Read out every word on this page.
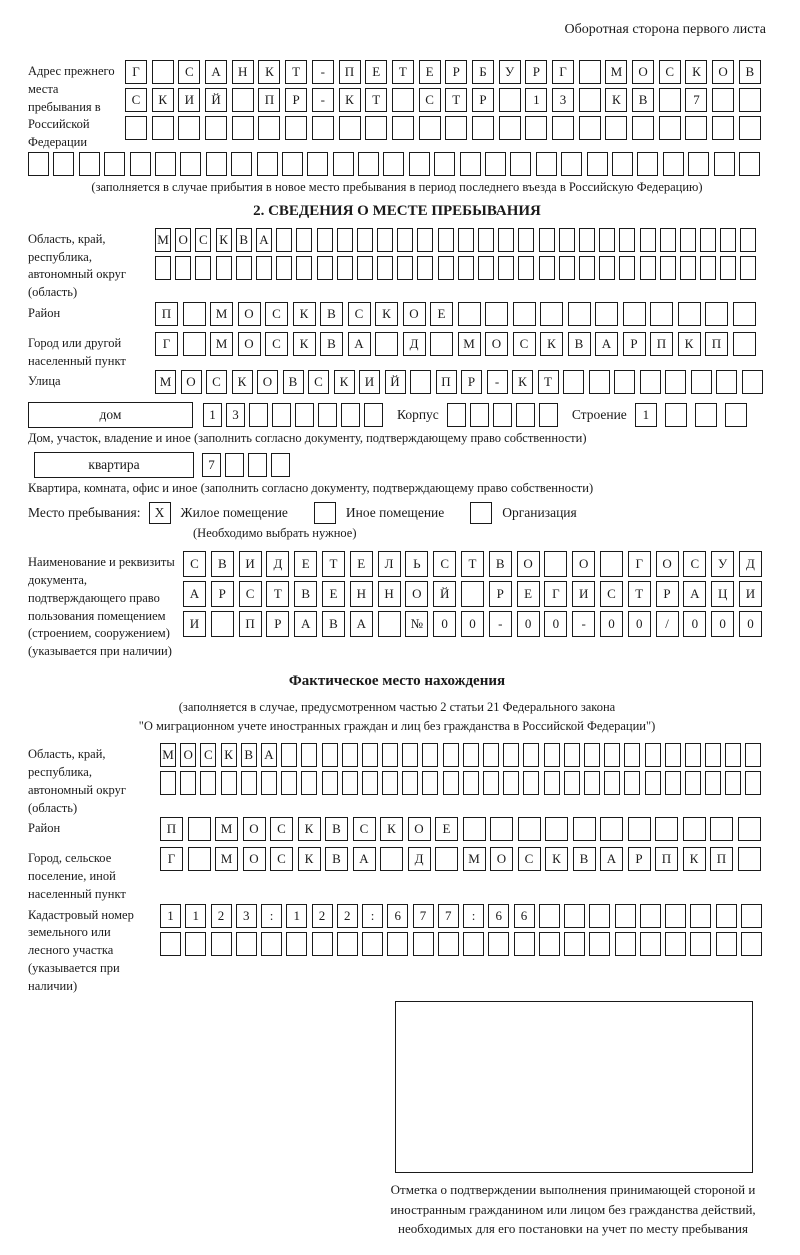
Оборотная сторона первого листа
Адрес прежнего места пребывания в Российской Федерации
Г	С	А	Н	К	Т	-	П	Е	Т	Е	Р	Б	У	Р	Г	М	О	С	К	О	В
С	К	И	Й	П	Р	-	К	Т	С	Т	Р	1	3	К	В	7
(заполняется в случае прибытия в новое место пребывания в период последнего въезда в Российскую Федерацию)
2. СВЕДЕНИЯ О МЕСТЕ ПРЕБЫВАНИЯ
Область, край, республика, автономный округ (область)
М О С К В А
Район	П	М	О	С	К	В	С	К	О	Е
Город или другой населенный пункт
Г	М	О	С	К	В	А	Д	М	О	С	К	В	А	Р	П	К	П
Улица	М	О	С	К	О	В	С	К	И	Й	П	Р	-	К	Т
дом	1	3	Корпус	Строение	1
Дом, участок, владение и иное (заполнить согласно документу, подтверждающему право собственности)
квартира	7
Квартира, комната, офис и иное (заполнить согласно документу, подтверждающему право собственности)
Место пребывания:	X	Жилое помещение	Иное помещение	Организация
(Необходимо выбрать нужное)
Наименование и реквизиты документа, подтверждающего право пользования помещением (строением, сооружением) (указывается при наличии)
С	В	И	Д	Е	Т	Е	Л	Ь	С	Т	В	О	О	Г	О	С	У	Д
А	Р	С	Т	В	Е	Н	Н	О	Й	Р	Е	Г	И	С	Т	Р	А	Ц	И
И	П	Р	А	В	А	№	0	0	-	0	0	-	0	0	/	0	0	0
Фактическое место нахождения
(заполняется в случае, предусмотренном частью 2 статьи 21 Федерального закона
"О миграционном учете иностранных граждан и лиц без гражданства в Российской Федерации")
Область, край, республика, автономный округ (область)
М О С К В А
Район	П	М	О	С	К	В	С	К	О	Е
Город, сельское поселение, иной населенный пункт
Г	М	О	С	К	В	А	Д	М	О	С	К	В	А	Р	П	К	П
Кадастровый номер земельного или лесного участка (указывается при наличии)
1	1	2	3	:	1	2	2	:	6	7	7	:	6	6
Отметка о подтверждении выполнения принимающей стороной и иностранным гражданином или лицом без гражданства действий, необходимых для его постановки на учет по месту пребывания
